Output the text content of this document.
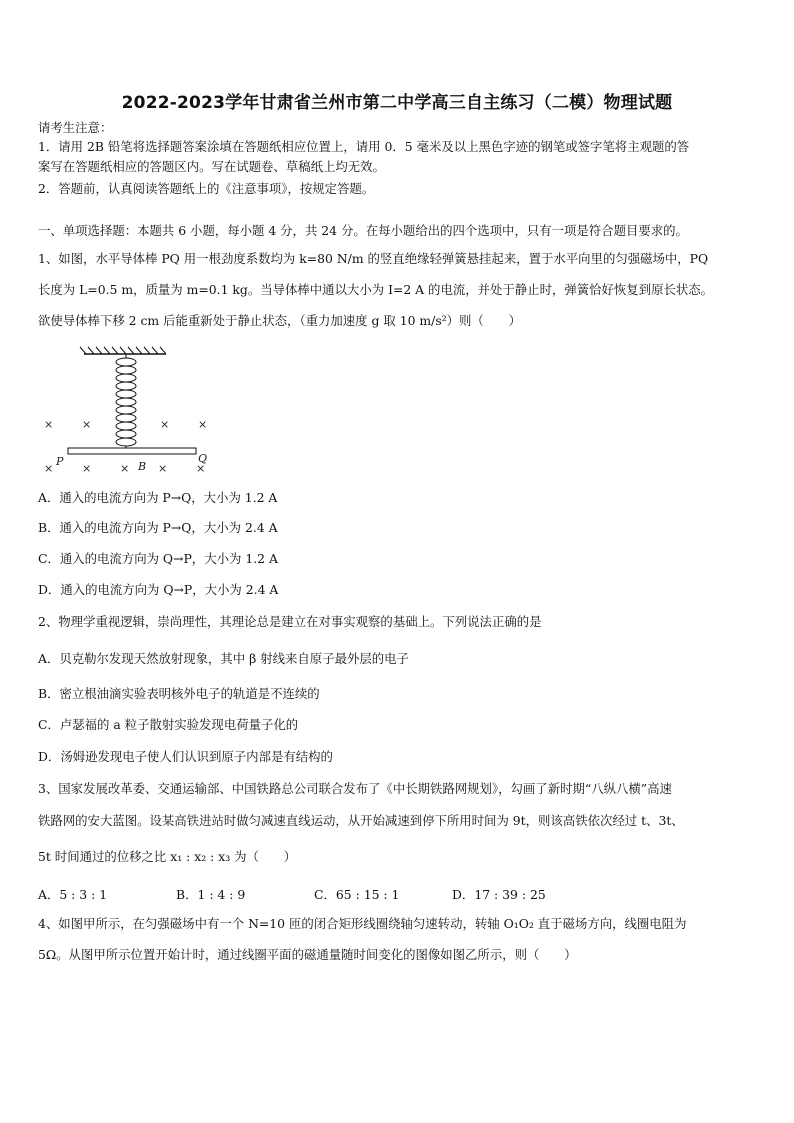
2022-2023学年甘肃省兰州市第二中学高三自主练习（二模）物理试题
请考生注意：
1．请用 2B 铅笔将选择题答案涂填在答题纸相应位置上，请用 0．5 毫米及以上黑色字迹的钢笔或签字笔将主观题的答
案写在答题纸相应的答题区内。写在试题卷、草稿纸上均无效。
2．答题前，认真阅读答题纸上的《注意事项》，按规定答题。
一、单项选择题：本题共 6 小题，每小题 4 分，共 24 分。在每小题给出的四个选项中，只有一项是符合题目要求的。
1、如图，水平导体棒 PQ 用一根劲度系数均为 k=80 N/m 的竖直绝缘轻弹簧悬挂起来，置于水平向里的匀强磁场中，PQ
长度为 L=0.5 m，质量为 m=0.1 kg。当导体棒中通以大小为 I=2 A 的电流，并处于静止时，弹簧恰好恢复到原长状态。
欲使导体棒下移 2 cm 后能重新处于静止状态，（重力加速度 g 取 10 m/s²）则（　　）
×	×	×	×
×	×	×	×	×
P	Q
B
A．通入的电流方向为 P→Q，大小为 1.2 A
B．通入的电流方向为 P→Q，大小为 2.4 A
C．通入的电流方向为 Q→P，大小为 1.2 A
D．通入的电流方向为 Q→P，大小为 2.4 A
2、物理学重视逻辑，崇尚理性，其理论总是建立在对事实观察的基础上。下列说法正确的是
A．贝克勒尔发现天然放射现象，其中 β 射线来自原子最外层的电子
B．密立根油滴实验表明核外电子的轨道是不连续的
C．卢瑟福的 a 粒子散射实验发现电荷量子化的
D．汤姆逊发现电子使人们认识到原子内部是有结构的
3、国家发展改革委、交通运输部、中国铁路总公司联合发布了《中长期铁路网规划》，勾画了新时期“八纵八横”高速
铁路网的安大蓝图。设某高铁进站时做匀减速直线运动，从开始减速到停下所用时间为 9t，则该高铁依次经过 t、3t、
5t 时间通过的位移之比 x₁ : x₂ : x₃ 为（　　）
A．5 : 3 : 1	B．1 : 4 : 9	C．65 : 15 : 1	D．17 : 39 : 25
4、如图甲所示，在匀强磁场中有一个 N=10 匝的闭合矩形线圈绕轴匀速转动，转轴 O₁O₂ 直于磁场方向，线圈电阻为
5Ω。从图甲所示位置开始计时，通过线圈平面的磁通量随时间变化的图像如图乙所示，则（　　）
